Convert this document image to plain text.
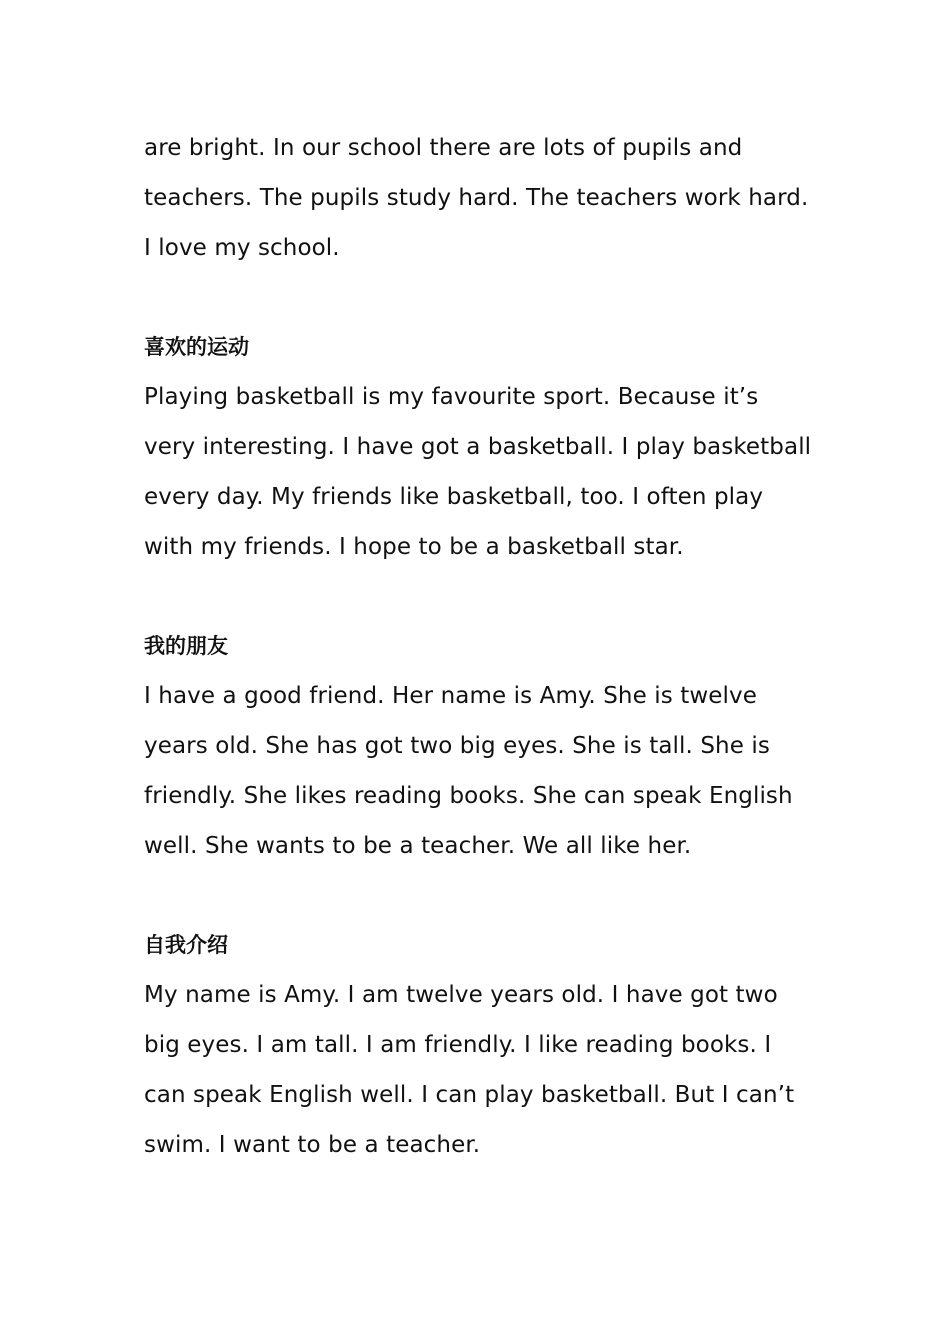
are bright. In our school there are lots of pupils and teachers. The pupils study hard. The teachers work hard. I love my school.

喜欢的运动

Playing basketball is my favourite sport. Because it’s very interesting. I have got a basketball. I play basketball every day. My friends like basketball, too. I often play with my friends. I hope to be a basketball star.

我的朋友

I have a good friend. Her name is Amy. She is twelve years old. She has got two big eyes. She is tall. She is friendly. She likes reading books. She can speak English well. She wants to be a teacher. We all like her.

自我介绍

My name is Amy. I am twelve years old. I have got two big eyes. I am tall. I am friendly. I like reading books. I can speak English well. I can play basketball. But I can’t swim. I want to be a teacher.
